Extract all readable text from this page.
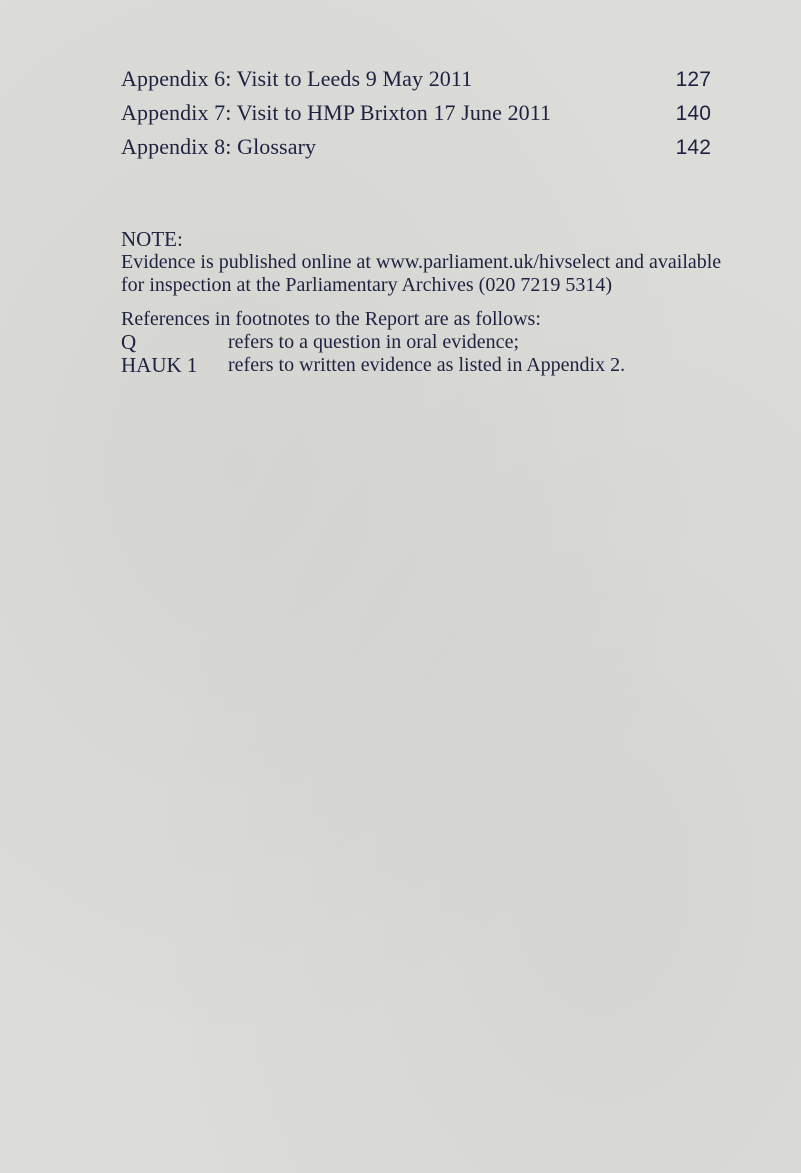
Appendix 6: Visit to Leeds 9 May 2011	127
Appendix 7: Visit to HMP Brixton 17 June 2011	140
Appendix 8: Glossary	142
NOTE:
Evidence is published online at www.parliament.uk/hivselect and available
for inspection at the Parliamentary Archives (020 7219 5314)
References in footnotes to the Report are as follows:
Q	refers to a question in oral evidence;
HAUK 1	refers to written evidence as listed in Appendix 2.
